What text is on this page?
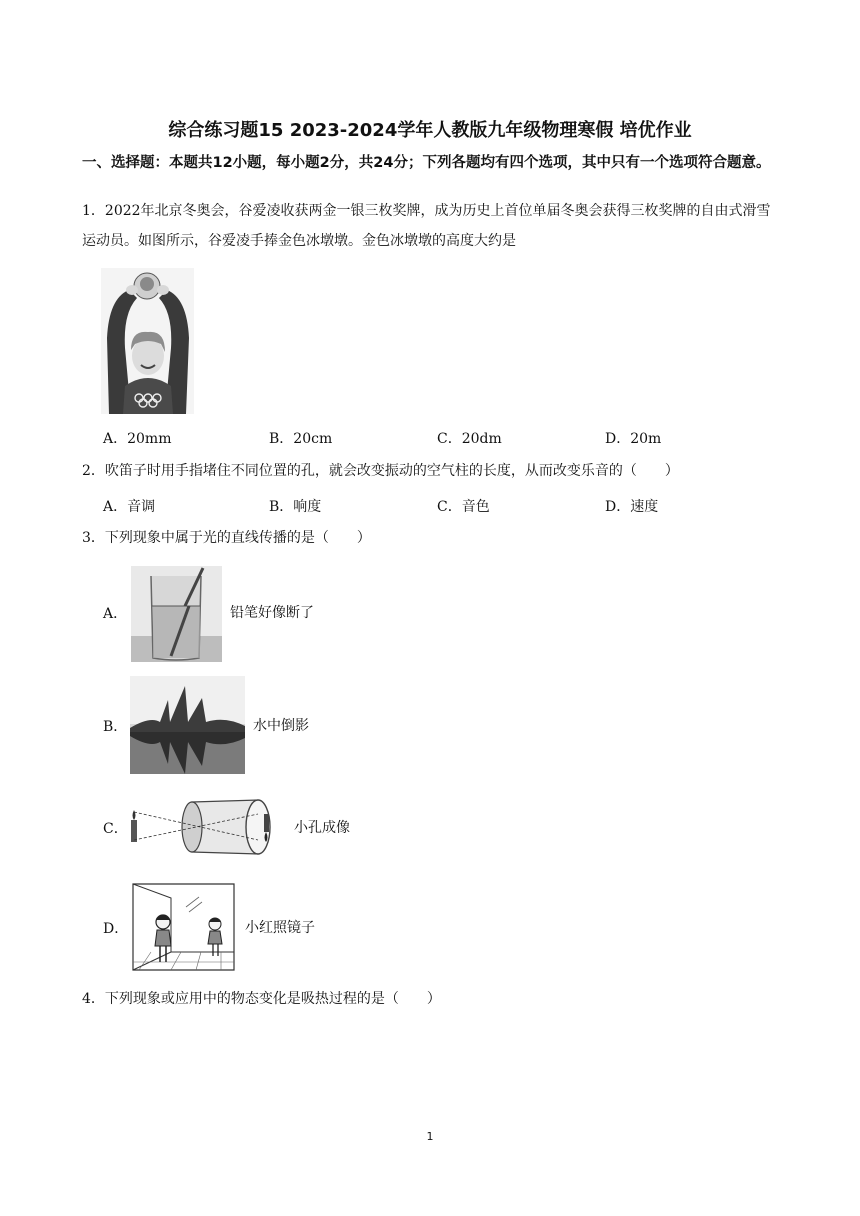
综合练习题15 2023-2024学年人教版九年级物理寒假 培优作业
一、选择题：本题共12小题，每小题2分，共24分；下列各题均有四个选项，其中只有一个选项符合题意。
1．2022年北京冬奥会，谷爱凌收获两金一银三枚奖牌，成为历史上首位单届冬奥会获得三枚奖牌的自由式滑雪运动员。如图所示，谷爱凌手捧金色冰墩墩。金色冰墩墩的高度大约是
A．20mm	B．20cm	C．20dm	D．20m
2．吹笛子时用手指堵住不同位置的孔，就会改变振动的空气柱的长度，从而改变乐音的（　　）
A．音调	B．响度	C．音色	D．速度
3．下列现象中属于光的直线传播的是（　　）
A．	铅笔好像断了
B．	水中倒影
C．	小孔成像
D．	小红照镜子
4．下列现象或应用中的物态变化是吸热过程的是（　　）
1
